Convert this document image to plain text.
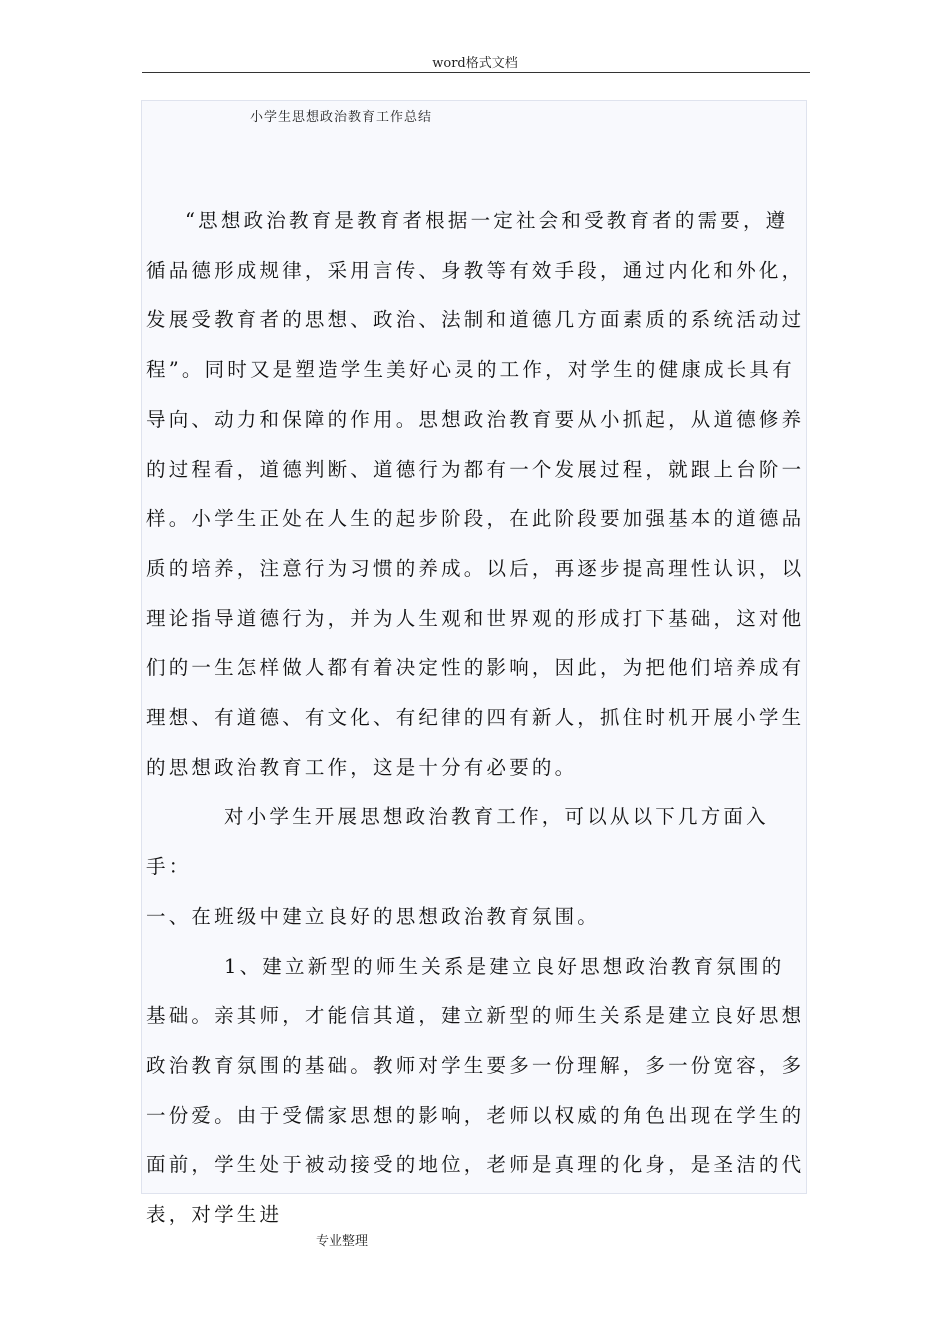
word格式文档
小学生思想政治教育工作总结

“思想政治教育是教育者根据一定社会和受教育者的需要，遵循品德形成规律，采用言传、身教等有效手段，通过内化和外化，发展受教育者的思想、政治、法制和道德几方面素质的系统活动过程”。同时又是塑造学生美好心灵的工作，对学生的健康成长具有导向、动力和保障的作用。思想政治教育要从小抓起，从道德修养的过程看，道德判断、道德行为都有一个发展过程，就跟上台阶一样。小学生正处在人生的起步阶段，在此阶段要加强基本的道德品质的培养，注意行为习惯的养成。以后，再逐步提高理性认识，以理论指导道德行为，并为人生观和世界观的形成打下基础，这对他们的一生怎样做人都有着决定性的影响，因此，为把他们培养成有理想、有道德、有文化、有纪律的四有新人，抓住时机开展小学生的思想政治教育工作，这是十分有必要的。

对小学生开展思想政治教育工作，可以从以下几方面入手：

一、在班级中建立良好的思想政治教育氛围。

1、建立新型的师生关系是建立良好思想政治教育氛围的基础。亲其师，才能信其道，建立新型的师生关系是建立良好思想政治教育氛围的基础。教师对学生要多一份理解，多一份宽容，多一份爱。由于受儒家思想的影响，老师以权威的角色出现在学生的面前，学生处于被动接受的地位，老师是真理的化身，是圣洁的代表，对学生进

专业整理
